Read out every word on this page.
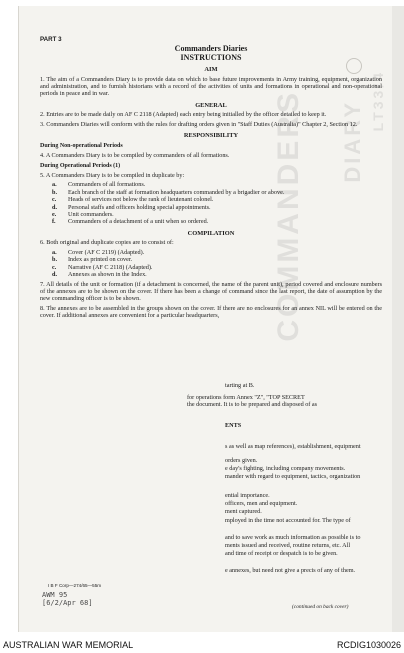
PART 3
Commanders Diaries
INSTRUCTIONS
AIM
1. The aim of a Commanders Diary is to provide data on which to base future improvements in Army training, equipment, organization and administration, and to furnish historians with a record of the activities of units and formations in operational and non-operational periods in peace and in war.
GENERAL
2. Entries are to be made daily on AF C 2118 (Adapted) each entry being initialled by the officer detailed to keep it.
3. Commanders Diaries will conform with the rules for drafting orders given in "Staff Duties (Australia)" Chapter 2, Section 12.
RESPONSIBILITY
During Non-operational Periods
4. A Commanders Diary is to be compiled by commanders of all formations.
During Operational Periods (1)
5. A Commanders Diary is to be compiled in duplicate by:
a.	Commanders of all formations.
b.	Each branch of the staff at formation headquarters commanded by a brigadier or above.
c.	Heads of services not below the rank of lieutenant colonel.
d.	Personal staffs and officers holding special appointments.
e.	Unit commanders.
f.	Commanders of a detachment of a unit when so ordered.
COMPILATION
6. Both original and duplicate copies are to consist of:
a.	Cover (AF C 2119) (Adapted).
b.	Index as printed on cover.
c.	Narrative (AF C 2118) (Adapted).
d.	Annexes as shown in the Index.
7. All details of the unit or formation (if a detachment is concerned, the name of the parent unit), period covered and enclosure numbers of the annexes are to be shown on the cover. If there has been a change of command since the last report, the date of assumption by the new commanding officer is to be shown.
8. The annexes are to be assembled in the groups shown on the cover. If there are no enclosures for an annex NIL will be entered on the cover. If additional annexes are convenient for a particular headquarters,
tarting at B.
for operations form Annex "Z", "TOP SECRET
the document. It is to be prepared and disposed of as
ENTS
s as well as map references), establishment, equipment
orders given.
e day's fighting, including company movements.
mander with regard to equipment, tactics, organization
ential importance.
officers, men and equipment.
ment captured.
mployed in the time not accounted for. The type of
and to save work as much information as possible is to
ments issued and received, routine returns, etc. All
and time of receipt or despatch is to be given.
e annexes, but need not give a precis of any of them.
I B F Corp—274/65—55m
AWM 95
[6/2/Apr 68]	(continued on back cover)
AUSTRALIAN WAR MEMORIAL	RCDIG1030026
